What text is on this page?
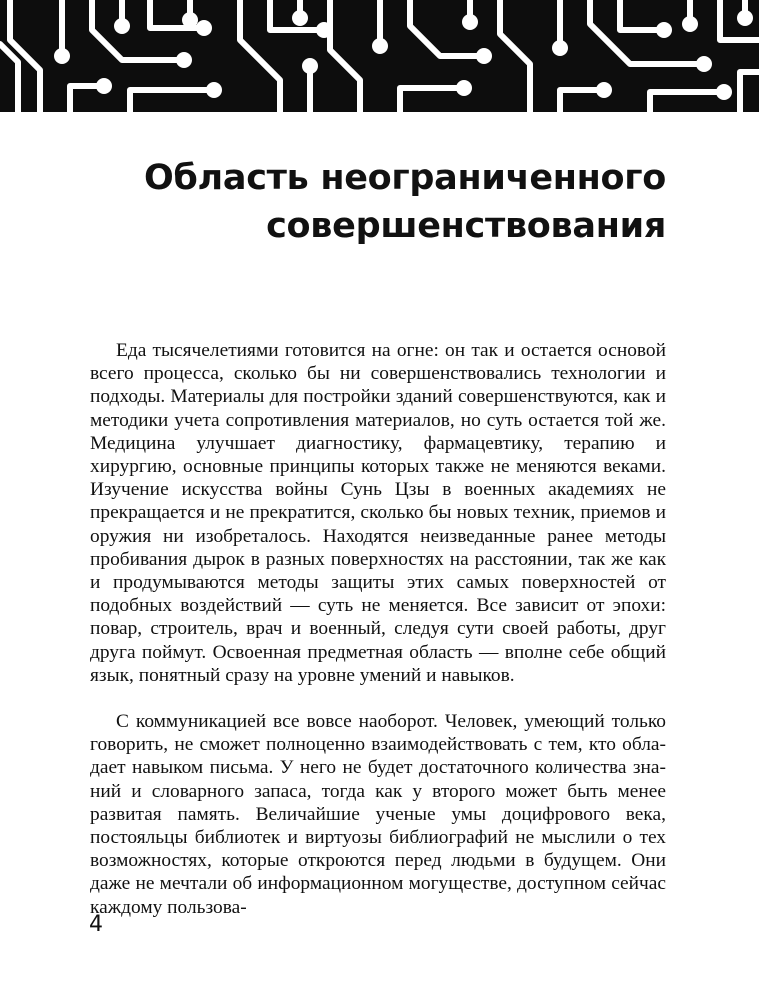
Область неограниченного
совершенствования

Еда тысячелетиями готовится на огне: он так и остается основой всего процесса, сколько бы ни совершенствовались технологии и подходы. Материалы для постройки зданий совершенствуются, как и методики учета сопротивления материалов, но суть остается той же. Медицина улучшает диагностику, фармацевтику, терапию и хирургию, основные принципы которых также не меняются веками. Изучение искусства войны Сунь Цзы в военных академиях не прекращается и не прекратится, сколько бы новых техник, приемов и оружия ни изобреталось. Находятся неизведанные ранее методы пробивания дырок в разных поверхностях на расстоянии, так же как и продумываются методы защиты этих самых поверхностей от подобных воздействий — суть не меняется. Все зависит от эпохи: повар, строитель, врач и военный, следуя сути своей работы, друг друга поймут. Освоенная предметная область — вполне себе общий язык, понятный сразу на уровне умений и навыков.

С коммуникацией все вовсе наоборот. Человек, умеющий только говорить, не сможет полноценно взаимодействовать с тем, кто обладает навыком письма. У него не будет достаточного количества знаний и словарного запаса, тогда как у второго может быть менее развитая память. Величайшие ученые умы доцифрового века, постояльцы библиотек и виртуозы библиографий не мыслили о тех возможностях, которые откроются перед людьми в будущем. Они даже не мечтали об информационном могуществе, доступном сейчас каждому пользова-

4
